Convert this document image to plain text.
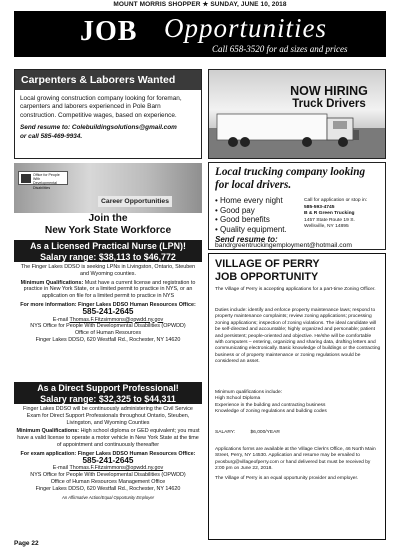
MOUNT MORRIS SHOPPER ★ SUNDAY, JUNE 10, 2018
JOB Opportunities
Call 658-3520 for ad sizes and prices
Carpenters & Laborers Wanted
Local growing construction company looking for foreman, carpenters and laborers experienced in Pole Barn construction. Competitive wages, based on experience.
Send resume to: Colebuildingsolutions@gmail.com
or call 585-469-9934.
NOW HIRING
Truck Drivers
Local trucking company looking for local drivers.
• Home every night
• Good pay
• Good benefits
• Quality equipment.
Call for application or stop in:
585-593-4745
B & R Green Trucking
1457 State Route 19 S.
Wellsville, NY 14895
Send resume to:
bandrgreentruckingemployment@hotmail.com
Office for People With Developmental Disabilities
Career Opportunities
Join the
New York State Workforce
As a Licensed Practical Nurse (LPN)!
Salary range: $38,113 to $46,772
The Finger Lakes DDSO is seeking LPNs in Livingston, Ontario, Steuben and Wyoming counties.
Minimum Qualifications: Must have a current license and registration to practice in New York State, or a limited permit to practice in NYS, or an application on file for a limited permit to practice in NYS
For more information: Finger Lakes DDSO Human Resources Office: 585-241-2645
E-mail Thomas.F.Fitzsimmons@opwdd.ny.gov
NYS Office for People With Developmental Disabilities (OPWDD)
Office of Human Resources
Finger Lakes DDSO, 620 Westfall Rd., Rochester, NY 14620
As a Direct Support Professional!
Salary range: $32,325 to $44,311
Finger Lakes DDSO will be continuously administering the Civil Service Exam for Direct Support Professionals throughout Ontario, Steuben, Livingston, and Wyoming Counties
Minimum Qualifications: High school diploma or GED equivalent; you must have a valid license to operate a motor vehicle in New York State at the time of appointment and continuously thereafter
For exam application: Finger Lakes DDSO Human Resources Office: 585-241-2645
E-mail Thomas.F.Fitzsimmons@opwdd.ny.gov
NYS Office for People With Developmental Disabilities (OPWDD)
Office of Human Resources Management Office
Finger Lakes DDSO, 620 Westfall Rd., Rochester, NY 14620
An Affirmative Action/Equal Opportunity Employer
VILLAGE OF PERRY
JOB OPPORTUNITY
The Village of Perry is accepting applications for a part-time Zoning Officer.
Duties include: identify and enforce property maintenance laws; respond to property maintenance complaints; review zoning applications; processing zoning applications; inspection of zoning violations. The ideal candidate will be self-directed and accountable; highly organized and personable; patient and persistent; people-oriented and objective. He/she will be comfortable with computers – entering, organizing and sharing data, drafting letters and communicating electronically. Basic knowledge of buildings or the contracting business or of property maintenance or zoning regulations would be considered an asset.
Minimum qualifications include:
High School Diploma
Experience in the building and contracting business
Knowledge of zoning regulations and building codes
SALARY:	$6,000/YEAR
Applications forms are available at the Village Clerk's Office, 46 North Main Street, Perry, NY 14530. Application and resume may be emailed to pvosburg@villageofperry.com or hand delivered but must be received by 2:00 pm on June 22, 2018.
The Village of Perry is an equal opportunity provider and employer.
Page 22
